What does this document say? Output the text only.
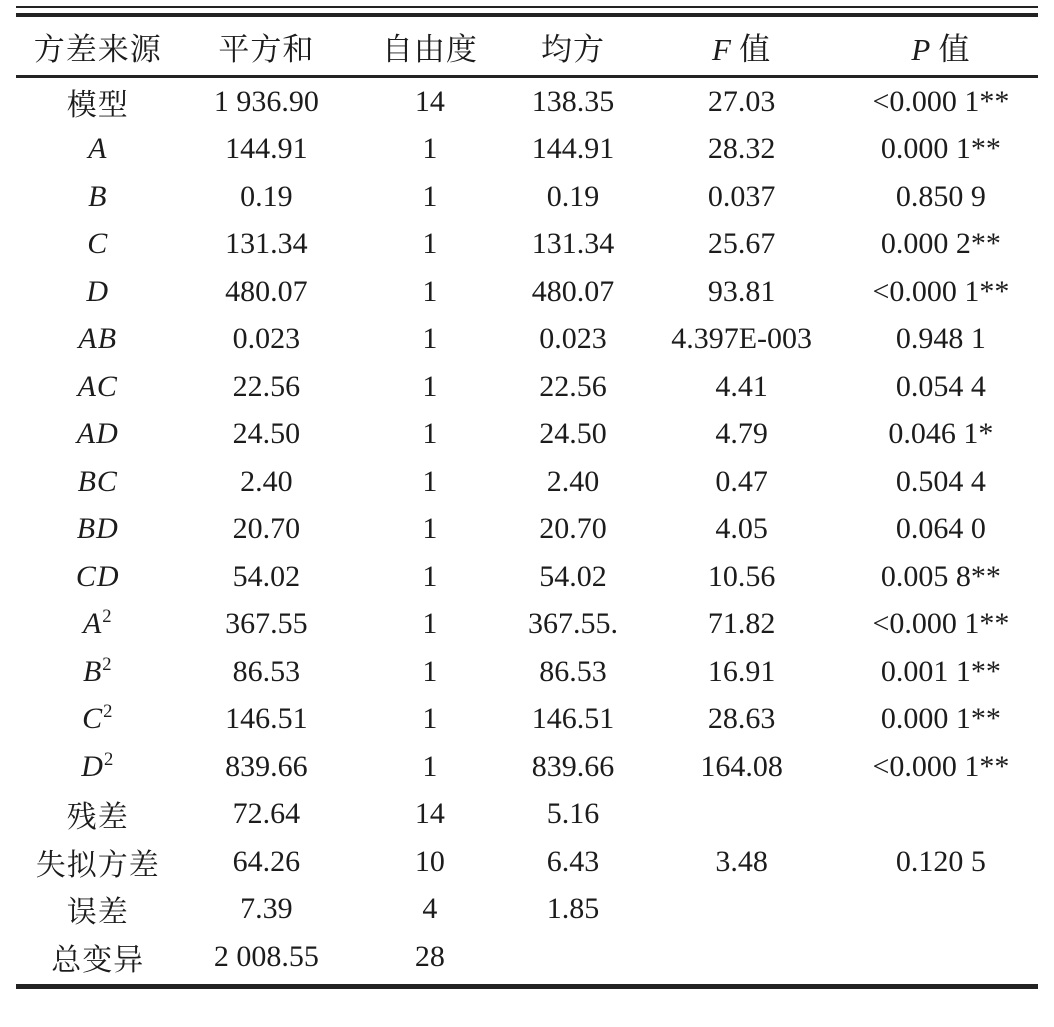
方差来源	平方和	自由度	均方	F 值	P 值
模型	1 936.90	14	138.35	27.03	<0.000 1**
A	144.91	1	144.91	28.32	0.000 1**
B	0.19	1	0.19	0.037	0.850 9
C	131.34	1	131.34	25.67	0.000 2**
D	480.07	1	480.07	93.81	<0.000 1**
AB	0.023	1	0.023	4.397E-003	0.948 1
AC	22.56	1	22.56	4.41	0.054 4
AD	24.50	1	24.50	4.79	0.046 1*
BC	2.40	1	2.40	0.47	0.504 4
BD	20.70	1	20.70	4.05	0.064 0
CD	54.02	1	54.02	10.56	0.005 8**
$A^2$	367.55	1	367.55.	71.82	<0.000 1**
$B^2$	86.53	1	86.53	16.91	0.001 1**
$C^2$	146.51	1	146.51	28.63	0.000 1**
$D^2$	839.66	1	839.66	164.08	<0.000 1**
残差	72.64	14	5.16		
失拟方差	64.26	10	6.43	3.48	0.120 5
误差	7.39	4	1.85		
总变异	2 008.55	28			
